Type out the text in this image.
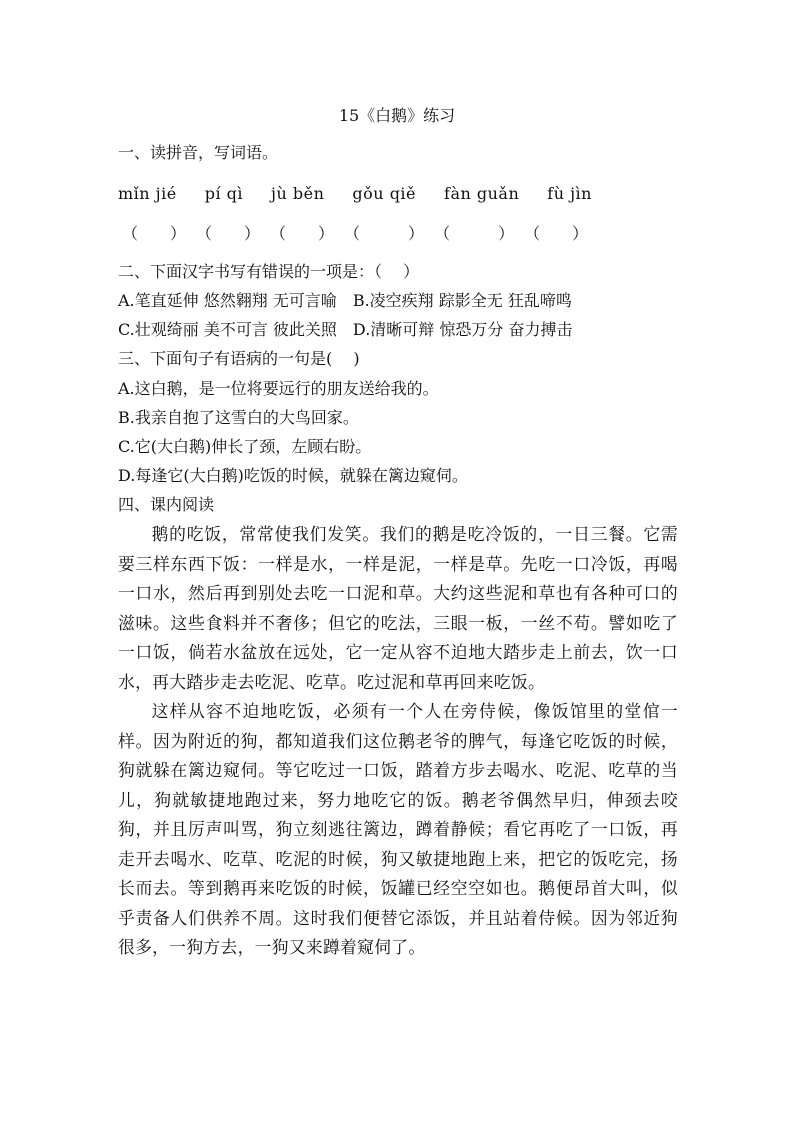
15《白鹅》练习
一、读拼音，写词语。
mǐn jié pí qì jù běn gǒu qiě fàn guǎn fù jìn
（　　） （　　） （　　） （　　　） （　　　） （　　）
二、下面汉字书写有错误的一项是：（　 ）
A.笔直延伸 悠然翱翔 无可言喻　B.凌空疾翔 踪影全无 狂乱啼鸣
C.壮观绮丽 美不可言 彼此关照　D.清晰可辩 惊恐万分 奋力搏击
三、下面句子有语病的一句是(　 )
A.这白鹅，是一位将要远行的朋友送给我的。
B.我亲自抱了这雪白的大鸟回家。
C.它(大白鹅)伸长了颈，左顾右盼。
D.每逢它(大白鹅)吃饭的时候，就躲在篱边窥伺。
四、课内阅读

鹅的吃饭，常常使我们发笑。我们的鹅是吃冷饭的，一日三餐。它需要三样东西下饭：一样是水，一样是泥，一样是草。先吃一口冷饭，再喝一口水，然后再到别处去吃一口泥和草。大约这些泥和草也有各种可口的滋味。这些食料并不奢侈；但它的吃法，三眼一板，一丝不苟。譬如吃了一口饭，倘若水盆放在远处，它一定从容不迫地大踏步走上前去，饮一口水，再大踏步走去吃泥、吃草。吃过泥和草再回来吃饭。

这样从容不迫地吃饭，必须有一个人在旁侍候，像饭馆里的堂倌一样。因为附近的狗，都知道我们这位鹅老爷的脾气，每逢它吃饭的时候，狗就躲在篱边窥伺。等它吃过一口饭，踏着方步去喝水、吃泥、吃草的当儿，狗就敏捷地跑过来，努力地吃它的饭。鹅老爷偶然早归，伸颈去咬狗，并且厉声叫骂，狗立刻逃往篱边，蹲着静候；看它再吃了一口饭，再走开去喝水、吃草、吃泥的时候，狗又敏捷地跑上来，把它的饭吃完，扬长而去。等到鹅再来吃饭的时候，饭罐已经空空如也。鹅便昂首大叫，似乎责备人们供养不周。这时我们便替它添饭，并且站着侍候。因为邻近狗很多，一狗方去，一狗又来蹲着窥伺了。
